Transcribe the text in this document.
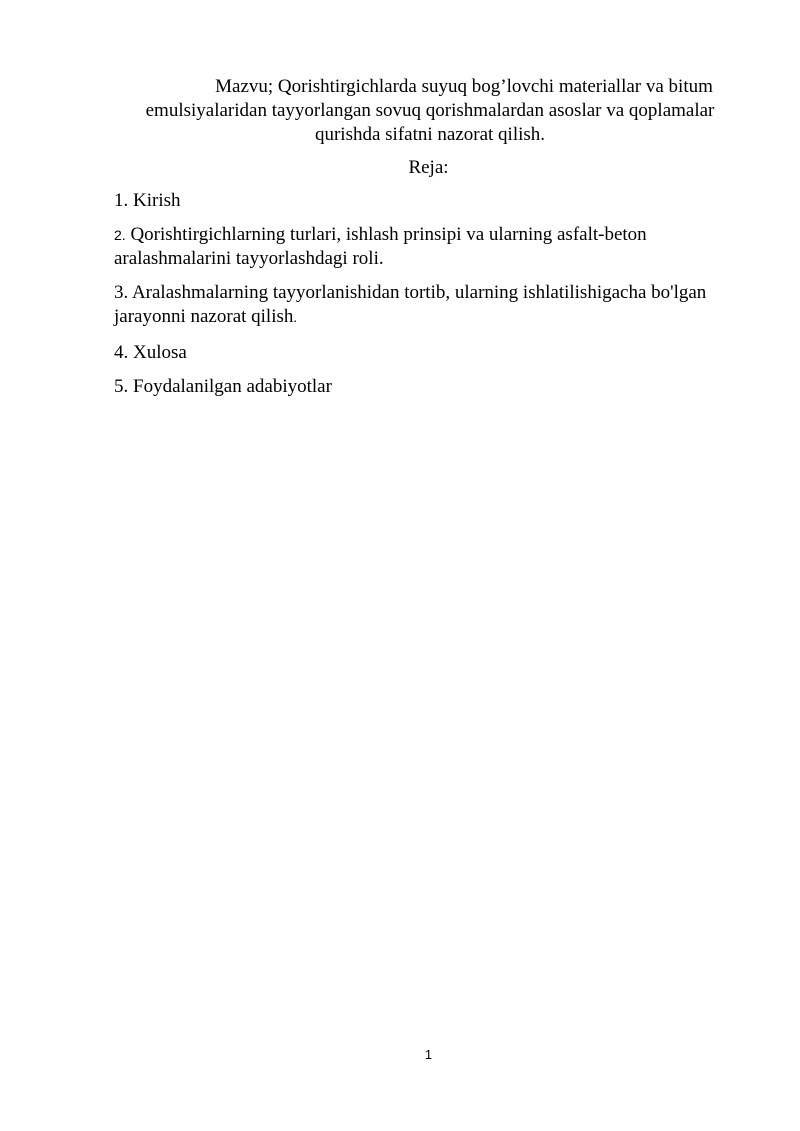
Mazvu; Qorishtirgichlarda suyuq bog’lovchi materiallar va bitum
emulsiyalaridan tayyorlangan sovuq qorishmalardan asoslar va qoplamalar
qurishda sifatni nazorat qilish.
Reja:
1. Kirish
2. Qorishtirgichlarning turlari, ishlash prinsipi va ularning asfalt-beton aralashmalarini tayyorlashdagi roli.
3. Aralashmalarning tayyorlanishidan tortib, ularning ishlatilishigacha bo'lgan jarayonni nazorat qilish.
4. Xulosa
5. Foydalanilgan adabiyotlar
1
